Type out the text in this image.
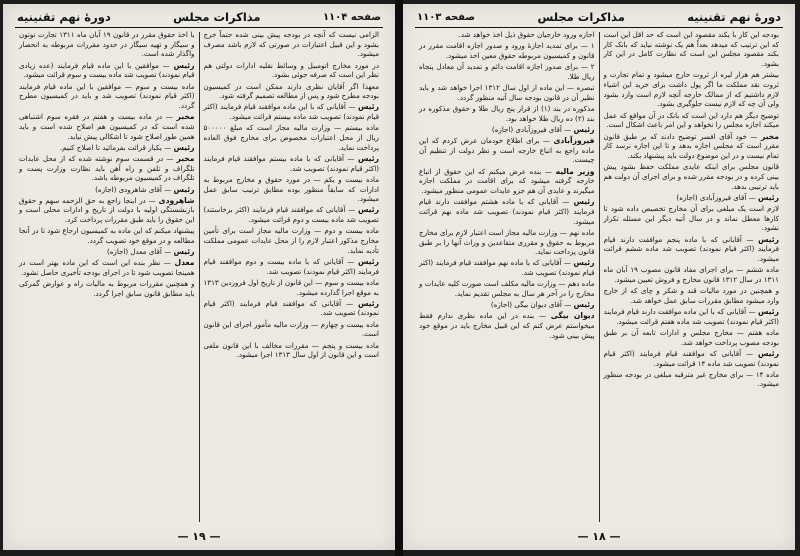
صفحه ۱۱۰۴
مذاکرات مجلس
دورهٔ نهم تقنینیه

الزامی نیست که آنچه در بودجه پیش بینی شده حتماً خرج بشود و این قبیل اعتبارات در صورتی که لازم باشد مصرف میشود.

در مورد مخارج اتومبیل و وسائط نقلیه ادارات دولتی هم نظر این است که صرفه جوئی بشود.

معهذا اگر آقایان نظری دارند ممکن است در کمیسیون بودجه مطرح شود و پس از مطالعه تصمیم گرفته شود.

رئیس — آقایانی که با این ماده موافقند قیام فرمایند (اکثر قیام نمودند) تصویب شد ماده بیستم قرائت میشود.

ماده بیستم — وزارت مالیه مجاز است که مبلغ ۵۰۰۰۰۰ ریال از محل اعتبارات مخصوص برای مخارج فوق العاده پرداخت نماید.

رئیس — آقایانی که با ماده بیستم موافقند قیام فرمایند (اکثر قیام نمودند) تصویب شد.

ماده بیست و یکم — در مورد حقوق و مخارج مربوط به ادارات که سابقاً منظور بوده مطابق ترتیب سابق عمل میشود.

رئیس — آقایانی که موافقند قیام فرمایند (اکثر برخاستند) تصویب شد ماده بیست و دوم قرائت میشود.

ماده بیست و دوم — وزارت مالیه مجاز است برای تأمین مخارج مذکور اعتبار لازم را از محل عایدات عمومی مملکت تأدیه نماید.

رئیس — آقایانی که با ماده بیست و دوم موافقند قیام فرمایند (اکثر قیام نمودند) تصویب شد.

ماده بیست و سوم — این قانون از تاریخ اول فروردین ۱۳۱۳ به موقع اجرا گذارده میشود.

رئیس — آقایانی که موافقند قیام فرمایند (اکثر قیام نمودند) تصویب شد.

ماده بیست و چهارم — وزارت مالیه مأمور اجرای این قانون است.

ماده بیست و پنجم — مقررات مخالف با این قانون ملغی است و این قانون از اول سال ۱۳۱۳ اجرا میشود.

با اخذ حقوق مقرر در قانون ۱۹ آبان ماه ۱۳۱۱ تجارت توتون و سیگار و تهیه سیگار در حدود مقررات مربوطه به انحصار واگذار شده است.

رئیس — موافقین با این ماده قیام فرمایند (عده زیادی قیام نمودند) تصویب شد ماده بیست و سوم قرائت میشود.

ماده بیست و سوم — موافقین با این ماده قیام فرمایند (اکثر قیام نمودند) تصویب شد و باید در کمیسیون مطرح گردد.

مخبر — در ماده بیست و هفتم در فقره سوم اشتباهی شده است که در کمیسیون هم اصلاح شده است و باید همین طور اصلاح شود تا اشکالی پیش نیاید.

رئیس — یکبار قرائت بفرمائید تا اصلاح کنیم.

مخبر — در قسمت سوم نوشته شده که از محل عایدات تلگراف و تلفن و راه آهن باید نظارت وزارت پست و تلگراف در کمیسیون مربوطه باشد.

رئیس — آقای شاهرودی (اجازه)

شاهرودی — در اینجا راجع به حق الزحمه سهم و حقوق بازنشستگی اولیه با دولت از تاریخ و ادارات محلی است و این حقوق را باید طبق مقررات پرداخت کرد.

پیشنهاد میکنم که این ماده به کمیسیون ارجاع شود تا در آنجا مطالعه و در موقع خود تصویب گردد.

رئیس — آقای معدل (اجازه)

معدل — نظر بنده این است که این ماده بهتر است در همینجا تصویب شود تا در اجرای بودجه تأخیری حاصل نشود.

و همچنین مقررات مربوط به مالیات راه و عوارض گمرکی باید مطابق قانون سابق اجرا گردد.

— ۱۹ —
دورهٔ نهم تقنینیه
مذاکرات مجلس
صفحه ۱۱۰۳

بودجه این کار با یکند مقصود این است که حد اقل این است که این ترتیب که میدهد بعداً هم یک نوشته نیاید که بانک کار بکند مقصود مجلس این است که نظارت کامل در این کار بشود.

بیشتر هم هزار لیره از ثروت خارج میشود و تمام تجارت و ثروت نقد مملکت ما اگر پول داشت برای خرید این اشیاء لازم داشتیم که از ممالک خارجه آنچه لازم است وارد بشود ولی آن چه که لازم نیست جلوگیری بشود.

توضیح دیگر هم دارد این است که بانک در آن مواقع که عمل میکند اجازه مجلس را نخواهد و این امر باعث اشکال است.

مخبر — خود آقای افسر توضیح دادند که بر طبق قانون مقرر است که مجلس اجازه بدهد و تا این اجازه نرسد کار تمام نیست و در این موضوع دولت باید پیشنهاد بکند.

قانون مجلس برای اینکه عایدی مملکت حفظ بشود پیش بینی کرده و در بودجه مقرر شده و برای اجرای آن دولت هم باید ترتیبی بدهد.

رئیس — آقای فیروزآبادی (اجازه)

لازم است یک مبلغی برای آن مخارج تخصیص داده شود تا کارها معطل نماند و در سال آتیه دیگر این مسئله تکرار نشود.

رئیس — آقایانی که با ماده پنجم موافقت دارند قیام فرمایند (اکثر قیام نمودند) تصویب شد ماده ششم قرائت میشود.

ماده ششم — برای اجرای مفاد قانون مصوب ۱۹ آبان ماه ۱۳۱۱ در سال ۱۳۱۲ قانون مخارج و فروش تعیین میشود.

و همچنین در مورد مالیات قند و شکر و چای که از خارج وارد میشود مطابق مقررات سابق عمل خواهد شد.

رئیس — آقایانی که با این ماده موافقت دارند قیام فرمایند (اکثر قیام نمودند) تصویب شد ماده هفتم قرائت میشود.

ماده هفتم — مخارج مجلس و ادارات تابعه آن بر طبق بودجه مصوب پرداخت خواهد شد.

رئیس — آقایانی که موافقند قیام فرمایند (اکثر قیام نمودند) تصویب شد ماده ۱۴ قرائت میشود.

ماده ۱۴ — برای مخارج غیر مترقبه مبلغی در بودجه منظور میشود.

اجازه ورود خارجیان حقوق ذیل اخذ خواهد شد.

۱ — برای تمدید اجازهٔ ورود و صدور اجازه اقامت مقرر در قانون و کمیسیون مربوطه حقوق معین اخذ میشود.

۲ — برای صدور اجازه اقامت دائم و تمدید آن معادل پنجاه ریال طلا.

تبصره — این ماده از اول سال ۱۳۱۲ اجرا خواهد شد و باید نظیر آن در قانون بودجه سال آتیه منظور گردد.

مذکوره در بند (۱) از قرار پنج ریال طلا و حقوق مذکوره در بند (۲) ده ریال طلا خواهد بود.

رئیس — آقای فیروزآبادی (اجازه)

فیروزآبادی — برای اطلاع خودمان عرض کردم که این ماده راجع به اتباع خارجه است و نظر دولت از تنظیم آن چیست.

وزیر مالیه — بنده عرض میکنم که این حقوق از اتباع خارجه گرفته میشود که برای اقامت در مملکت اجازه میگیرند و عایدی آن هم جزو عایدات عمومی منظور میشود.

رئیس — آقایانی که با ماده هشتم موافقت دارند قیام فرمایند (اکثر قیام نمودند) تصویب شد ماده نهم قرائت میشود.

ماده نهم — وزارت مالیه مجاز است اعتبار لازم برای مخارج مربوط به حقوق و مقرری متقاعدین و وراث آنها را بر طبق قانون پرداخت نماید.

رئیس — آقایانی که با ماده نهم موافقند قیام فرمایند (اکثر قیام نمودند) تصویب شد.

ماده دهم — وزارت مالیه مکلف است صورت کلیه عایدات و مخارج را در آخر هر سال به مجلس تقدیم نماید.

رئیس — آقای دیوان بیگی (اجازه)

دیوان بیگی — بنده در این ماده نظری ندارم فقط میخواستم عرض کنم که این قبیل مخارج باید در موقع خود پیش بینی شود.

— ۱۸ —
